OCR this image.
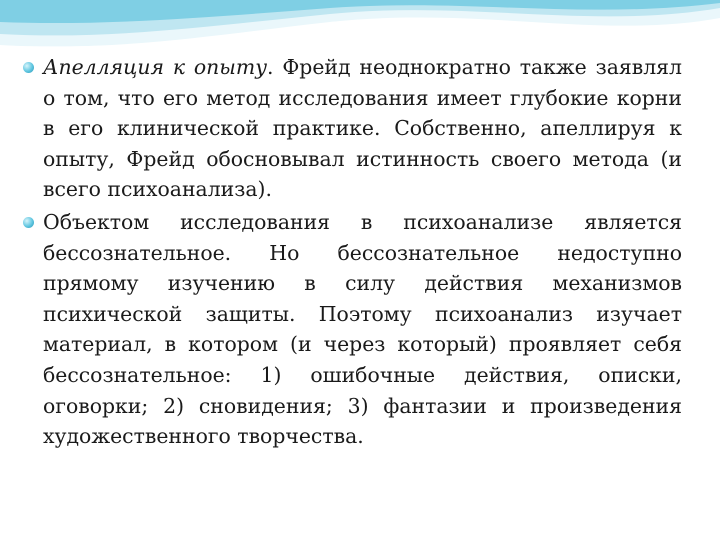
Апелляция к опыту. Фрейд неоднократно также заявлял о том, что его метод исследования имеет глубокие корни в его клинической практике. Собственно, апеллируя к опыту, Фрейд обосновывал истинность своего метода (и всего психоанализа).

Объектом исследования в психоанализе является бессознательное. Но бессознательное недоступно прямому изучению в силу действия механизмов психической защиты. Поэтому психоанализ изучает материал, в котором (и через который) проявляет себя бессознательное: 1) ошибочные действия, описки, оговорки; 2) сновидения; 3) фантазии и произведения художественного творчества.
